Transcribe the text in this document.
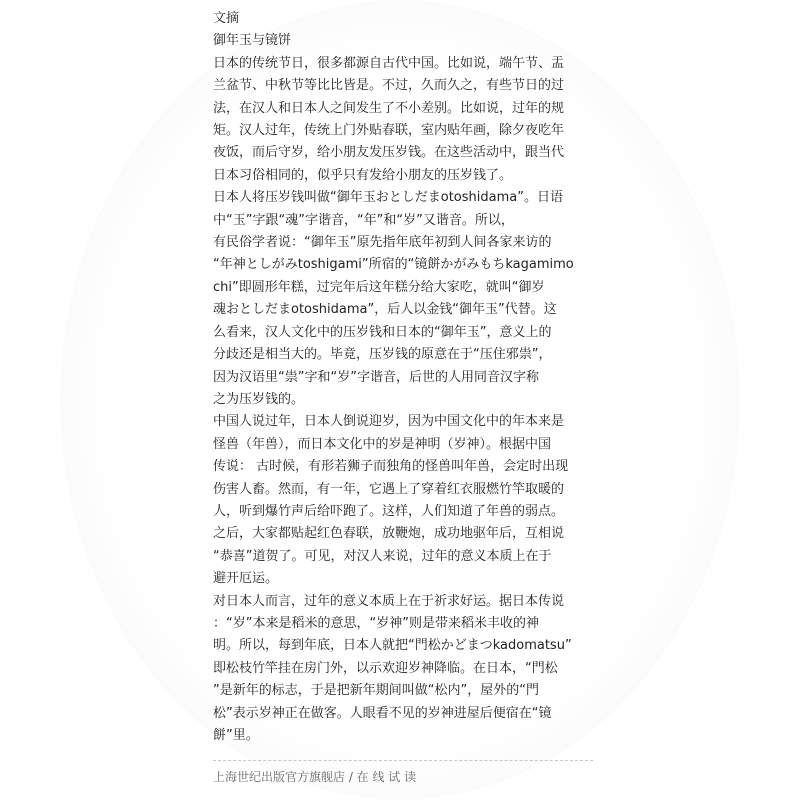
文摘
御年玉与镜饼
日本的传统节日，很多都源自古代中国。比如说，端午节、盂
兰盆节、中秋节等比比皆是。不过，久而久之，有些节日的过
法，在汉人和日本人之间发生了不小差别。比如说，过年的规
矩。汉人过年，传统上门外贴春联，室内贴年画，除夕夜吃年
夜饭，而后守岁，给小朋友发压岁钱。在这些活动中，跟当代
日本习俗相同的，似乎只有发给小朋友的压岁钱了。
日本人将压岁钱叫做“御年玉おとしだまotoshidama”。日语
中“玉”字跟“魂”字谐音，“年”和“岁”又谐音。所以，
有民俗学者说：“御年玉”原先指年底年初到人间各家来访的
“年神としがみtoshigami”所宿的“镜餅かがみもちkagamimo
chi”即圆形年糕，过完年后这年糕分给大家吃，就叫“御岁
魂おとしだまotoshidama”，后人以金钱“御年玉”代替。这
么看来，汉人文化中的压岁钱和日本的“御年玉”，意义上的
分歧还是相当大的。毕竟，压岁钱的原意在于“压住邪祟”，
因为汉语里“祟”字和“岁”字谐音，后世的人用同音汉字称
之为压岁钱的。
中国人说过年，日本人倒说迎岁，因为中国文化中的年本来是
怪兽（年兽），而日本文化中的岁是神明（岁神）。根据中国
传说： 古时候，有形若狮子而独角的怪兽叫年兽，会定时出现
伤害人畜。然而，有一年，它遇上了穿着红衣服燃竹竿取暖的
人，听到爆竹声后给吓跑了。这样，人们知道了年兽的弱点。
之后，大家都贴起红色春联，放鞭炮，成功地驱年后，互相说
“恭喜”道贺了。可见，对汉人来说，过年的意义本质上在于
避开厄运。
对日本人而言，过年的意义本质上在于祈求好运。据日本传说
：“岁”本来是稻米的意思，“岁神”则是带来稻米丰收的神
明。所以，每到年底，日本人就把“門松かどまつkadomatsu”
即松枝竹竿挂在房门外，以示欢迎岁神降临。在日本，“門松
”是新年的标志，于是把新年期间叫做“松内”，屋外的“門
松”表示岁神正在做客。人眼看不见的岁神进屋后便宿在“镜
餅”里。
上海世纪出版官方旗舰店 / 在 线 试 读
